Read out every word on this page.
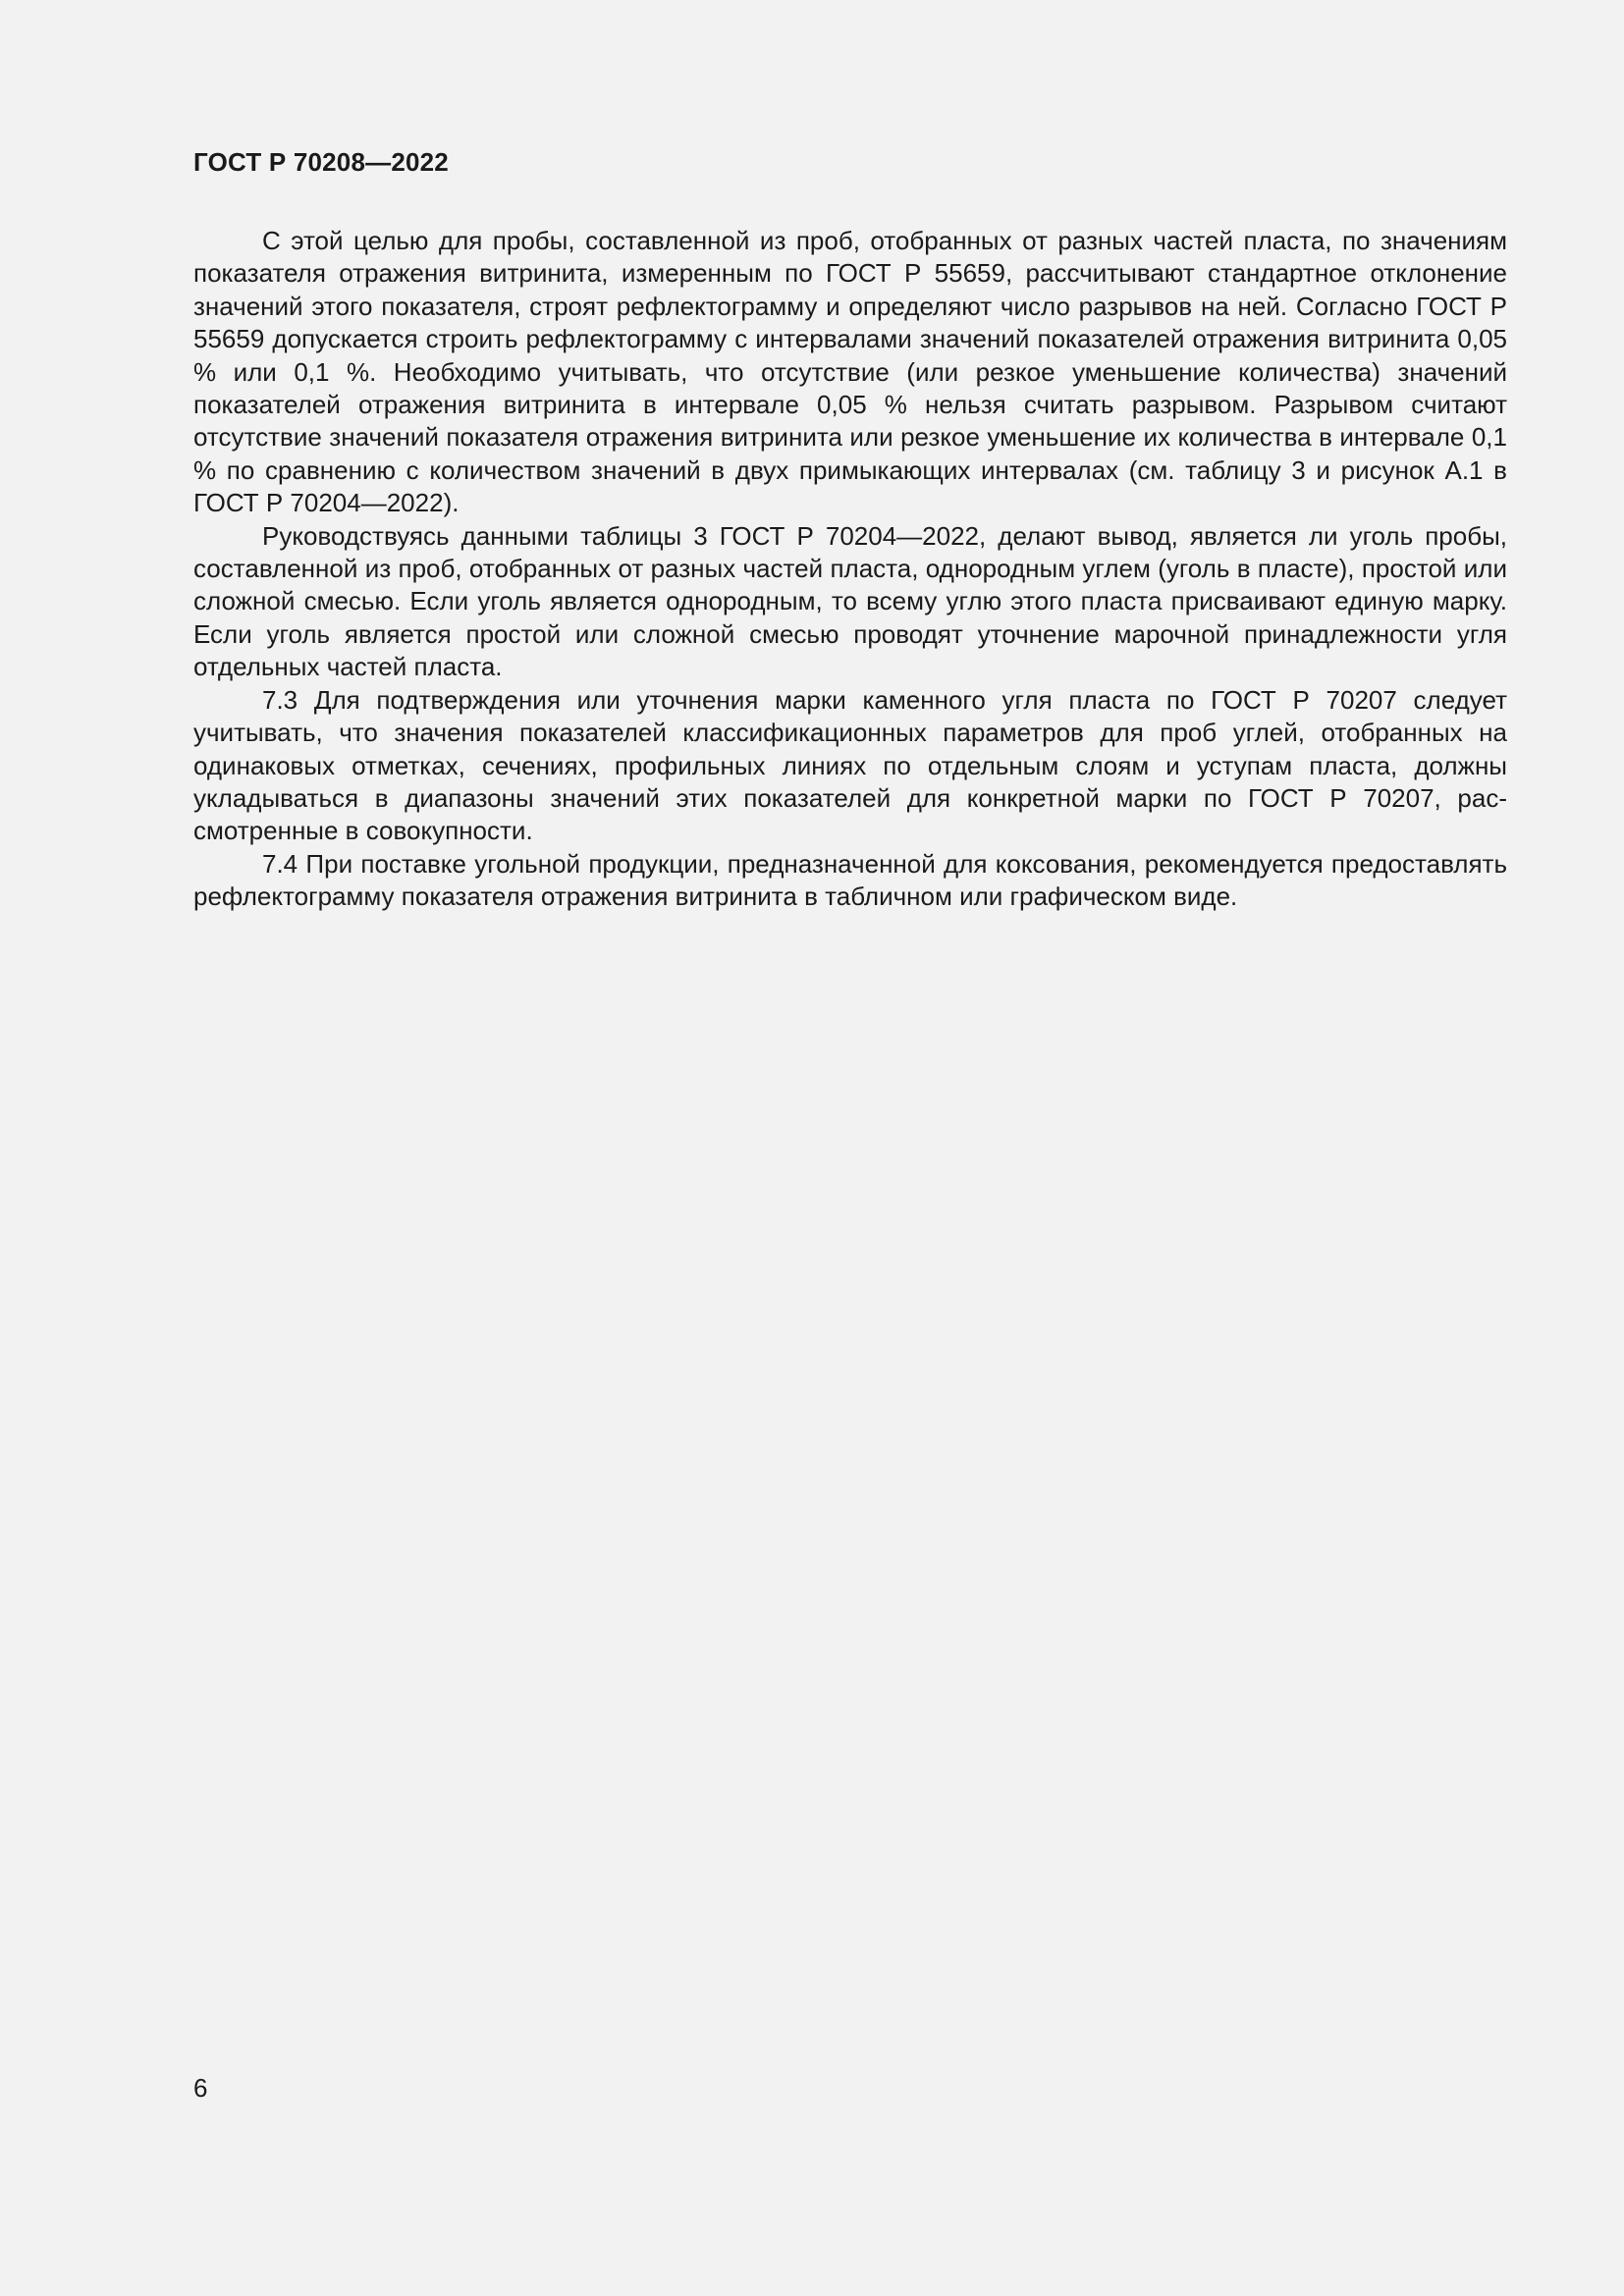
ГОСТ Р 70208—2022

С этой целью для пробы, составленной из проб, отобранных от разных частей пласта, по значениям показателя отражения витринита, измеренным по ГОСТ Р 55659, рассчитывают стандартное отклонение значений этого показателя, строят рефлектограмму и определяют число разрывов на ней. Согласно ГОСТ Р 55659 допускается строить рефлектограмму с интервалами значений показателей отражения витринита 0,05 % или 0,1 %. Необходимо учитывать, что отсутствие (или резкое уменьшение количества) значений показателей отражения витринита в интервале 0,05 % нельзя считать разрывом. Разрывом считают отсутствие значений показателя отражения витринита или резкое уменьшение их количества в интервале 0,1 % по сравнению с количеством значений в двух примыкающих интервалах (см. таблицу 3 и рисунок А.1 в ГОСТ Р 70204—2022).

Руководствуясь данными таблицы 3 ГОСТ Р 70204—2022, делают вывод, является ли уголь пробы, составленной из проб, отобранных от разных частей пласта, однородным углем (уголь в пласте), простой или сложной смесью. Если уголь является однородным, то всему углю этого пласта присваивают единую марку. Если уголь является простой или сложной смесью проводят уточнение марочной принадлежности угля отдельных частей пласта.

7.3 Для подтверждения или уточнения марки каменного угля пласта по ГОСТ Р 70207 следует учитывать, что значения показателей классификационных параметров для проб углей, отобранных на одинаковых отметках, сечениях, профильных линиях по отдельным слоям и уступам пласта, должны укладываться в диапазоны значений этих показателей для конкретной марки по ГОСТ Р 70207, рассмотренные в совокупности.

7.4 При поставке угольной продукции, предназначенной для коксования, рекомендуется предоставлять рефлектограмму показателя отражения витринита в табличном или графическом виде.

6
